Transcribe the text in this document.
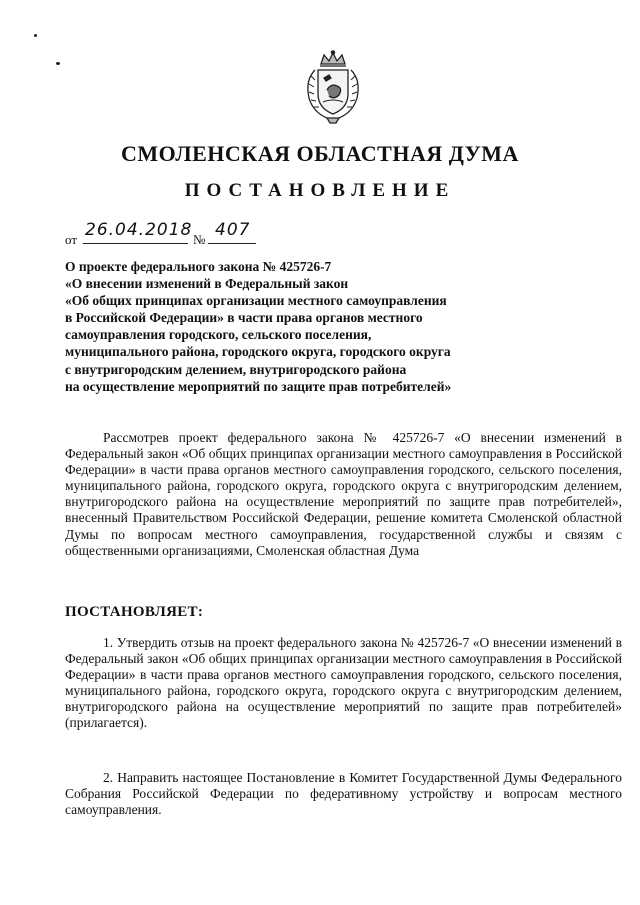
СМОЛЕНСКАЯ ОБЛАСТНАЯ ДУМА
ПОСТАНОВЛЕНИЕ
от 26.04.2018 № 407
О проекте федерального закона № 425726-7
«О внесении изменений в Федеральный закон
«Об общих принципах организации местного самоуправления
в Российской Федерации» в части права органов местного
самоуправления городского, сельского поселения,
муниципального района, городского округа, городского округа
с внутригородским делением, внутригородского района
на осуществление мероприятий по защите прав потребителей»
Рассмотрев проект федерального закона № 425726-7 «О внесении изменений в Федеральный закон «Об общих принципах организации местного самоуправления в Российской Федерации» в части права органов местного самоуправления городского, сельского поселения, муниципального района, городского округа, городского округа с внутригородским делением, внутригородского района на осуществление мероприятий по защите прав потребителей», внесенный Правительством Российской Федерации, решение комитета Смоленской областной Думы по вопросам местного самоуправления, государственной службы и связям с общественными организациями, Смоленская областная Дума
ПОСТАНОВЛЯЕТ:
1. Утвердить отзыв на проект федерального закона № 425726-7 «О внесении изменений в Федеральный закон «Об общих принципах организации местного самоуправления в Российской Федерации» в части права органов местного самоуправления городского, сельского поселения, муниципального района, городского округа, городского округа с внутригородским делением, внутригородского района на осуществление мероприятий по защите прав потребителей» (прилагается).
2. Направить настоящее Постановление в Комитет Государственной Думы Федерального Собрания Российской Федерации по федеративному устройству и вопросам местного самоуправления.
